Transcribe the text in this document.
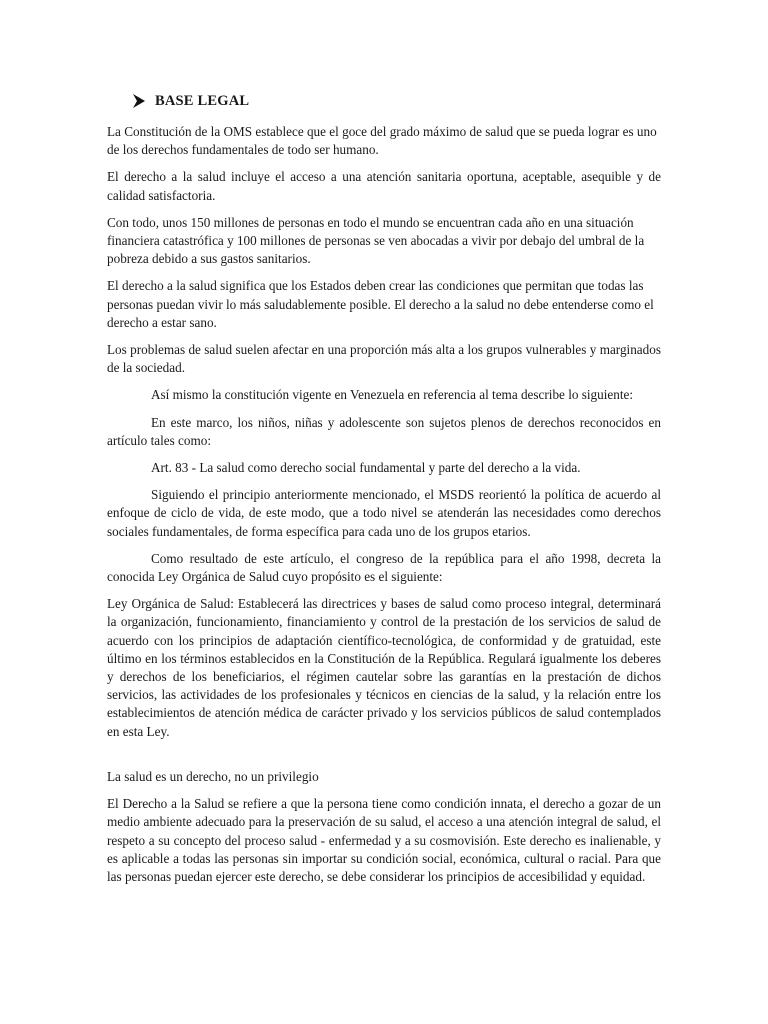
BASE LEGAL

La Constitución de la OMS establece que el goce del grado máximo de salud que se pueda lograr es uno de los derechos fundamentales de todo ser humano.

El derecho a la salud incluye el acceso a una atención sanitaria oportuna, aceptable, asequible y de calidad satisfactoria.

Con todo, unos 150 millones de personas en todo el mundo se encuentran cada año en una situación financiera catastrófica y 100 millones de personas se ven abocadas a vivir por debajo del umbral de la pobreza debido a sus gastos sanitarios.

El derecho a la salud significa que los Estados deben crear las condiciones que permitan que todas las personas puedan vivir lo más saludablemente posible. El derecho a la salud no debe entenderse como el derecho a estar sano.

Los problemas de salud suelen afectar en una proporción más alta a los grupos vulnerables y marginados de la sociedad.

Así mismo la constitución vigente en Venezuela en referencia al tema describe lo siguiente:

En este marco, los niños, niñas y adolescente son sujetos plenos de derechos reconocidos en artículo tales como:

Art. 83 - La salud como derecho social fundamental y parte del derecho a la vida.

Siguiendo el principio anteriormente mencionado, el MSDS reorientó la política de acuerdo al enfoque de ciclo de vida, de este modo, que a todo nivel se atenderán las necesidades como derechos sociales fundamentales, de forma específica para cada uno de los grupos etarios.

Como resultado de este artículo, el congreso de la república para el año 1998, decreta la conocida Ley Orgánica de Salud cuyo propósito es el siguiente:

Ley Orgánica de Salud: Establecerá las directrices y bases de salud como proceso integral, determinará la organización, funcionamiento, financiamiento y control de la prestación de los servicios de salud de acuerdo con los principios de adaptación científico-tecnológica, de conformidad y de gratuidad, este último en los términos establecidos en la Constitución de la República. Regulará igualmente los deberes y derechos de los beneficiarios, el régimen cautelar sobre las garantías en la prestación de dichos servicios, las actividades de los profesionales y técnicos en ciencias de la salud, y la relación entre los establecimientos de atención médica de carácter privado y los servicios públicos de salud contemplados en esta Ley.

La salud es un derecho, no un privilegio

El Derecho a la Salud se refiere a que la persona tiene como condición innata, el derecho a gozar de un medio ambiente adecuado para la preservación de su salud, el acceso a una atención integral de salud, el respeto a su concepto del proceso salud - enfermedad y a su cosmovisión. Este derecho es inalienable, y es aplicable a todas las personas sin importar su condición social, económica, cultural o racial. Para que las personas puedan ejercer este derecho, se debe considerar los principios de accesibilidad y equidad.
